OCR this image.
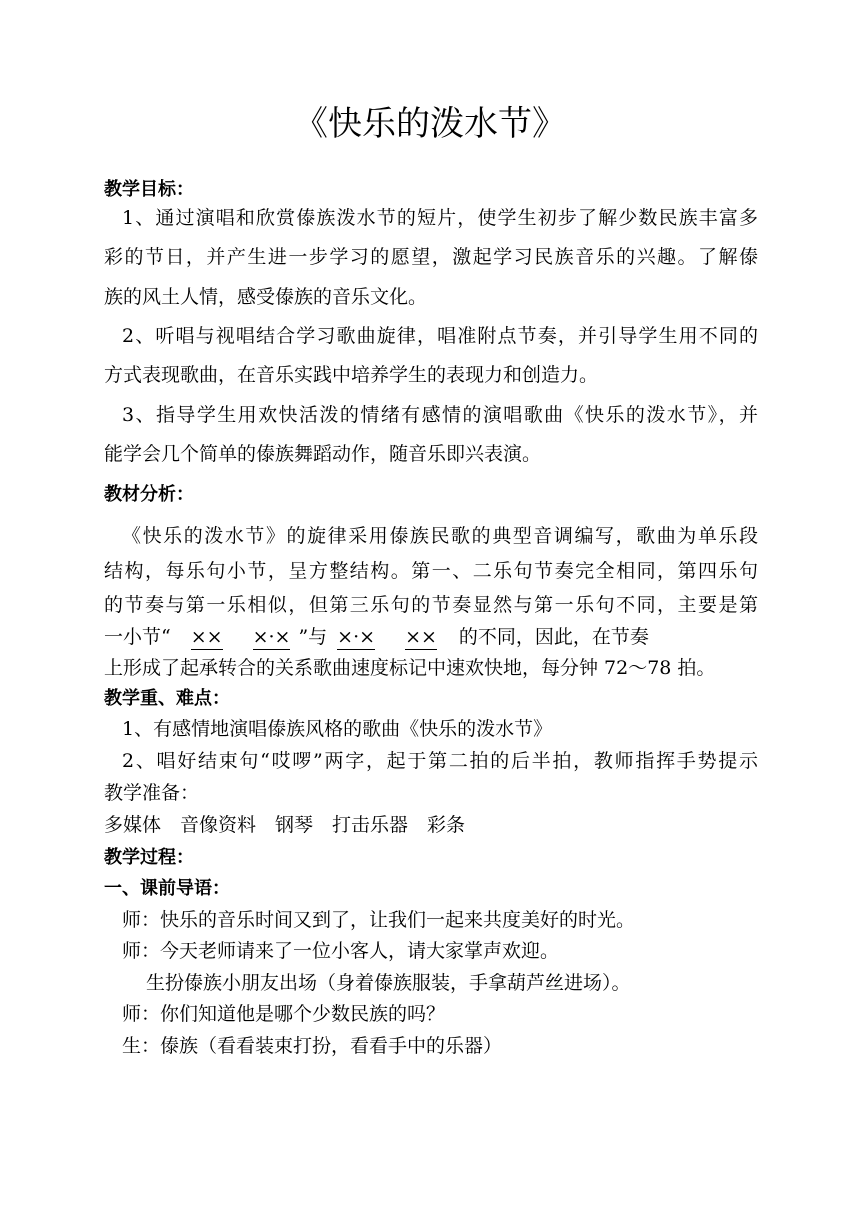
《快乐的泼水节》
教学目标：
1、通过演唱和欣赏傣族泼水节的短片，使学生初步了解少数民族丰富多
彩的节日，并产生进一步学习的愿望，激起学习民族音乐的兴趣。了解傣
族的风土人情，感受傣族的音乐文化。
2、听唱与视唱结合学习歌曲旋律，唱准附点节奏，并引导学生用不同的
方式表现歌曲，在音乐实践中培养学生的表现力和创造力。
3、指导学生用欢快活泼的情绪有感情的演唱歌曲《快乐的泼水节》，并
能学会几个简单的傣族舞蹈动作，随音乐即兴表演。
教材分析：
《快乐的泼水节》的旋律采用傣族民歌的典型音调编写，歌曲为单乐段
结构，每乐句小节，呈方整结构。第一、二乐句节奏完全相同，第四乐句
的节奏与第一乐相似，但第三乐句的节奏显然与第一乐句不同，主要是第
一小节“ ×× ×·× ”与 ×·× ×× 的不同，因此，在节奏
上形成了起承转合的关系歌曲速度标记中速欢快地，每分钟 72～78 拍。
教学重、难点：
1、有感情地演唱傣族风格的歌曲《快乐的泼水节》
2、唱好结束句“哎啰”两字，起于第二拍的后半拍，教师指挥手势提示
教学准备：
多媒体　音像资料　钢琴　打击乐器　彩条
教学过程：
一、课前导语：
师：快乐的音乐时间又到了，让我们一起来共度美好的时光。
师：今天老师请来了一位小客人，请大家掌声欢迎。
生扮傣族小朋友出场（身着傣族服装，手拿葫芦丝进场）。
师：你们知道他是哪个少数民族的吗？
生：傣族（看看装束打扮，看看手中的乐器）
